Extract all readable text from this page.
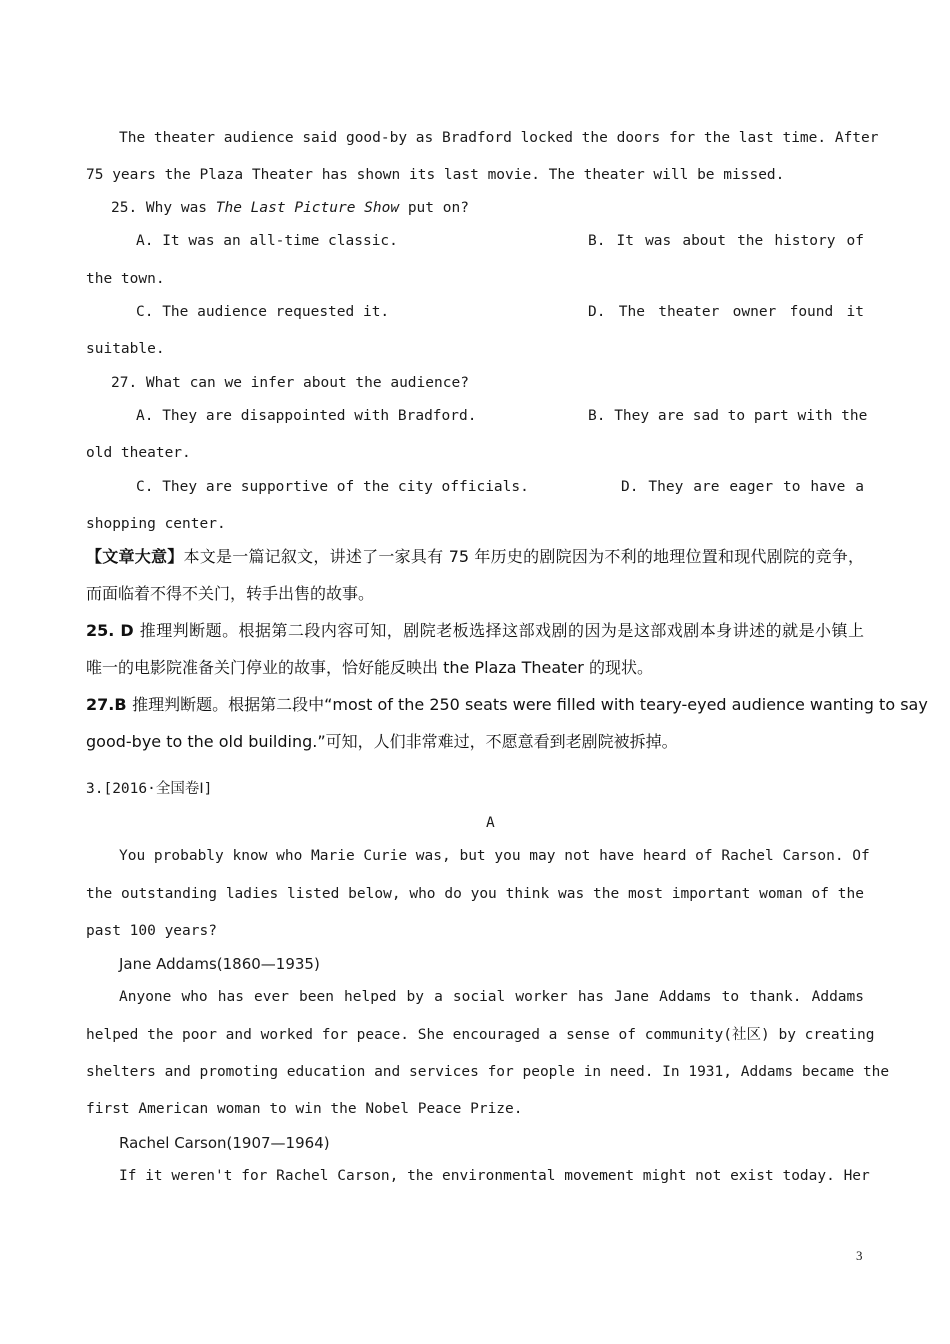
The theater audience said good-by as Bradford locked the doors for the last time. After
75 years the Plaza Theater has shown its last movie. The theater will be missed.
25. Why was The Last Picture Show put on?
A. It was an all-time classic.	B. It was about the history of
the town.
C. The audience requested it.	D. The theater owner found it
suitable.
27. What can we infer about the audience?
A. They are disappointed with Bradford.	B. They are sad to part with the
old theater.
C. They are supportive of the city officials.	D. They are eager to have a
shopping center.
【文章大意】本文是一篇记叙文，讲述了一家具有 75 年历史的剧院因为不利的地理位置和现代剧院的竞争，
而面临着不得不关门，转手出售的故事。
25. D 推理判断题。根据第二段内容可知，剧院老板选择这部戏剧的因为是这部戏剧本身讲述的就是小镇上
唯一的电影院准备关门停业的故事，恰好能反映出 the Plaza Theater 的现状。
27.B 推理判断题。根据第二段中“most of the 250 seats were filled with teary-eyed audience wanting to say
good-bye to the old building.”可知，人们非常难过，不愿意看到老剧院被拆掉。
3.[2016·全国卷Ⅰ]
A
You probably know who Marie Curie was, but you may not have heard of Rachel Carson. Of
the outstanding ladies listed below, who do you think was the most important woman of the
past 100 years?
Jane Addams(1860—1935)
Anyone who has ever been helped by a social worker has Jane Addams to thank. Addams
helped the poor and worked for peace. She encouraged a sense of community(社区) by creating
shelters and promoting education and services for people in need. In 1931, Addams became the
first American woman to win the Nobel Peace Prize.
Rachel Carson(1907—1964)
If it weren't for Rachel Carson, the environmental movement might not exist today. Her
3
